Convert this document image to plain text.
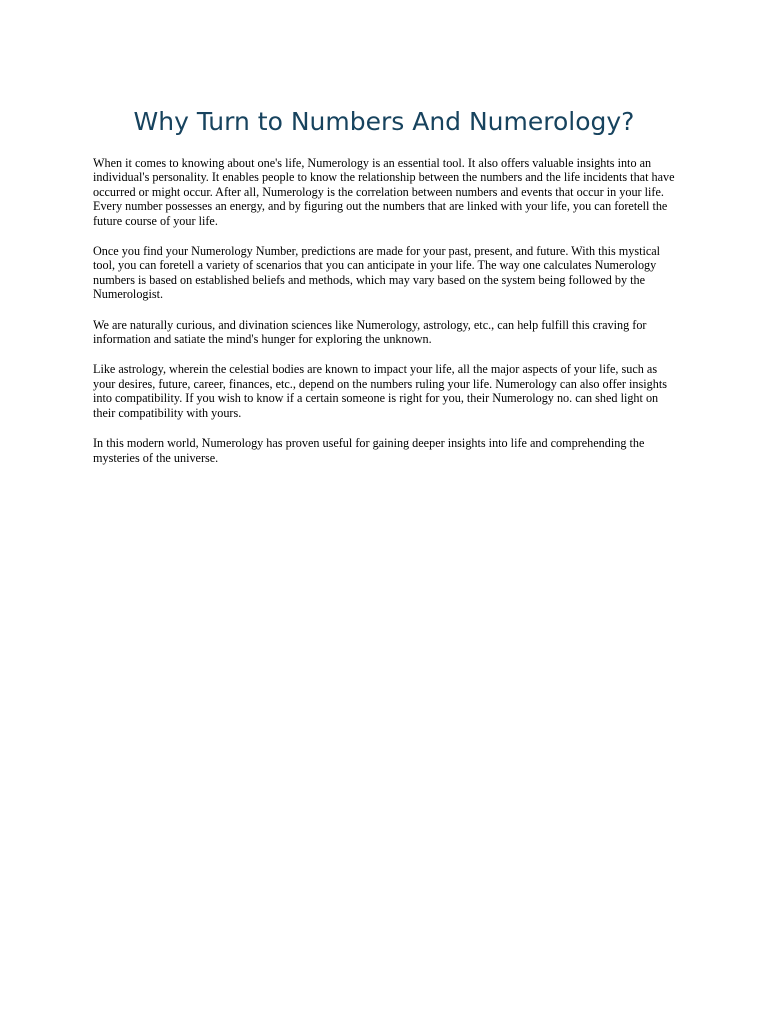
Why Turn to Numbers And Numerology?

When it comes to knowing about one's life, Numerology is an essential tool. It also offers valuable insights into an individual's personality. It enables people to know the relationship between the numbers and the life incidents that have occurred or might occur. After all, Numerology is the correlation between numbers and events that occur in your life. Every number possesses an energy, and by figuring out the numbers that are linked with your life, you can foretell the future course of your life.

Once you find your Numerology Number, predictions are made for your past, present, and future. With this mystical tool, you can foretell a variety of scenarios that you can anticipate in your life. The way one calculates Numerology numbers is based on established beliefs and methods, which may vary based on the system being followed by the Numerologist.

We are naturally curious, and divination sciences like Numerology, astrology, etc., can help fulfill this craving for information and satiate the mind's hunger for exploring the unknown.

Like astrology, wherein the celestial bodies are known to impact your life, all the major aspects of your life, such as your desires, future, career, finances, etc., depend on the numbers ruling your life. Numerology can also offer insights into compatibility. If you wish to know if a certain someone is right for you, their Numerology no. can shed light on their compatibility with yours.

In this modern world, Numerology has proven useful for gaining deeper insights into life and comprehending the mysteries of the universe.
